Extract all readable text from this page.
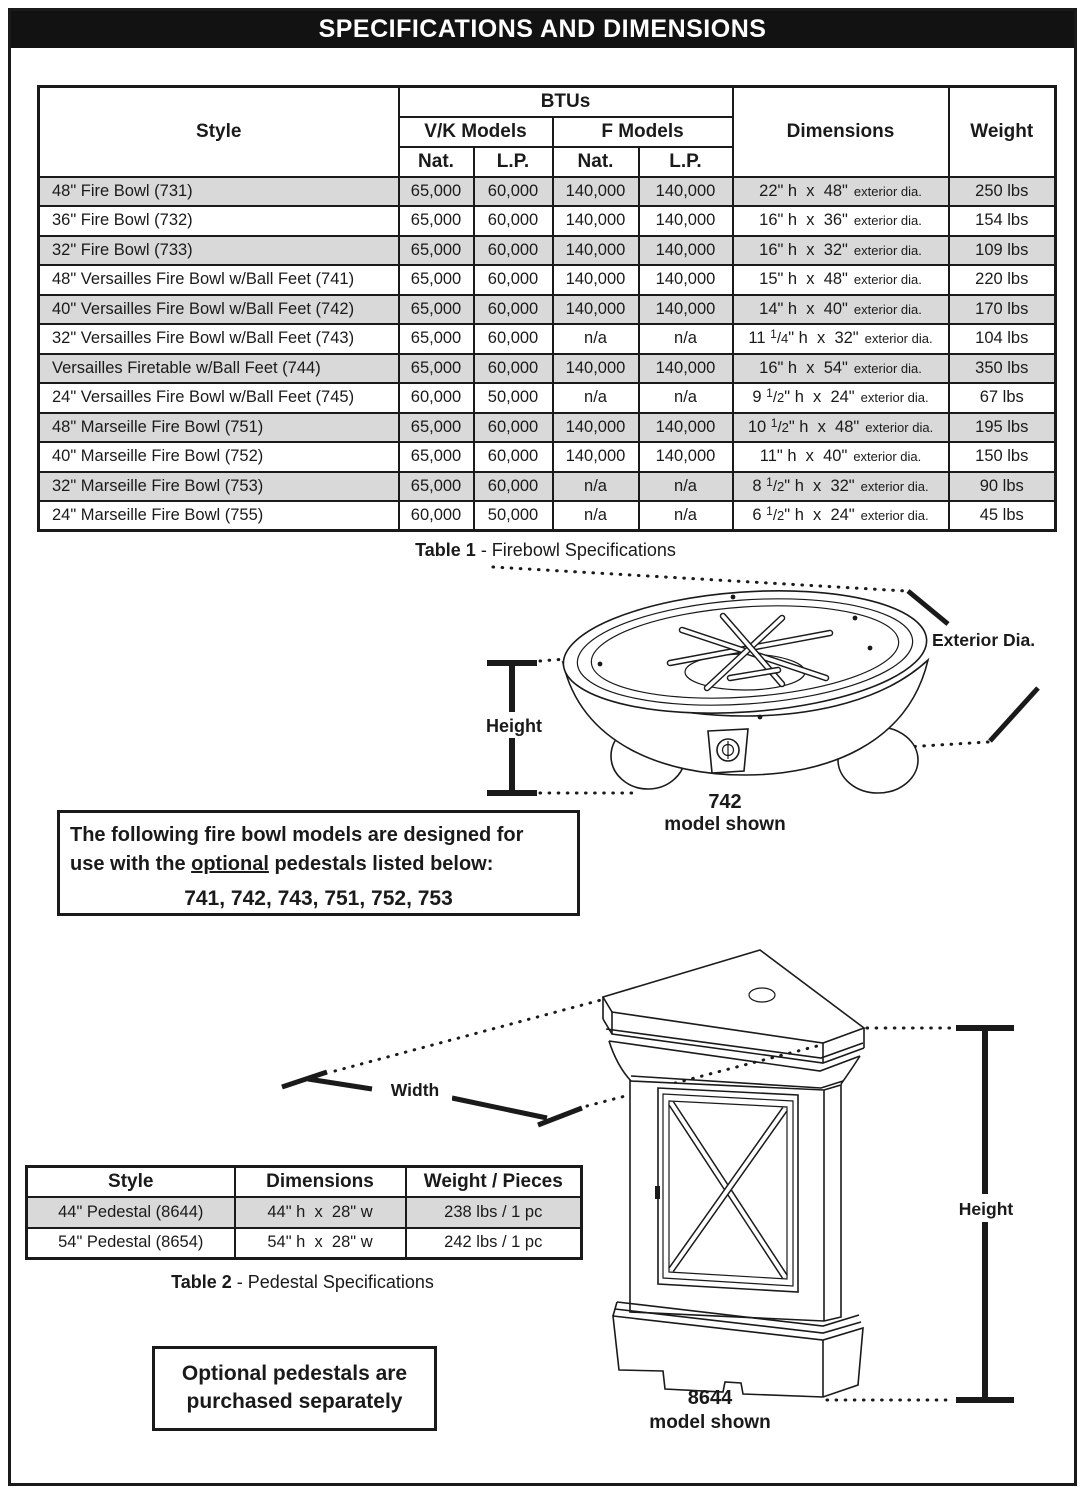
SPECIFICATIONS AND DIMENSIONS
Style	BTUs				Dimensions	Weight
	V/K Models		F Models			
	Nat.	L.P.	Nat.	L.P.		
48" Fire Bowl (731)	65,000	60,000	140,000	140,000	22" h  x  48" exterior dia.	250 lbs
36" Fire Bowl (732)	65,000	60,000	140,000	140,000	16" h  x  36" exterior dia.	154 lbs
32" Fire Bowl (733)	65,000	60,000	140,000	140,000	16" h  x  32" exterior dia.	109 lbs
48" Versailles Fire Bowl w/Ball Feet (741)	65,000	60,000	140,000	140,000	15" h  x  48" exterior dia.	220 lbs
40" Versailles Fire Bowl w/Ball Feet (742)	65,000	60,000	140,000	140,000	14" h  x  40" exterior dia.	170 lbs
32" Versailles Fire Bowl w/Ball Feet (743)	65,000	60,000	n/a	n/a	11 $^1$/4" h  x  32" exterior dia.	104 lbs
Versailles Firetable w/Ball Feet (744)	65,000	60,000	140,000	140,000	16" h  x  54" exterior dia.	350 lbs
24" Versailles Fire Bowl w/Ball Feet (745)	60,000	50,000	n/a	n/a	9 $^1$/2" h  x  24" exterior dia.	67 lbs
48" Marseille Fire Bowl (751)	65,000	60,000	140,000	140,000	10 $^1$/2" h  x  48" exterior dia.	195 lbs
40" Marseille Fire Bowl (752)	65,000	60,000	140,000	140,000	11" h  x  40" exterior dia.	150 lbs
32" Marseille Fire Bowl (753)	65,000	60,000	n/a	n/a	8 $^1$/2" h  x  32" exterior dia.	90 lbs
24" Marseille Fire Bowl (755)	60,000	50,000	n/a	n/a	6 $^1$/2" h  x  24" exterior dia.	45 lbs
Table 1 - Firebowl Specifications
Exterior Dia.
Height
742
model shown
The following fire bowl models are designed for
use with the optional pedestals listed below:
741, 742, 743, 751, 752, 753
Width
Height
8644
model shown
Style	Dimensions	Weight / Pieces
44" Pedestal (8644)	44" h  x  28" w	238 lbs / 1 pc
54" Pedestal (8654)	54" h  x  28" w	242 lbs / 1 pc
Table 2 - Pedestal Specifications
Optional pedestals are
purchased separately
